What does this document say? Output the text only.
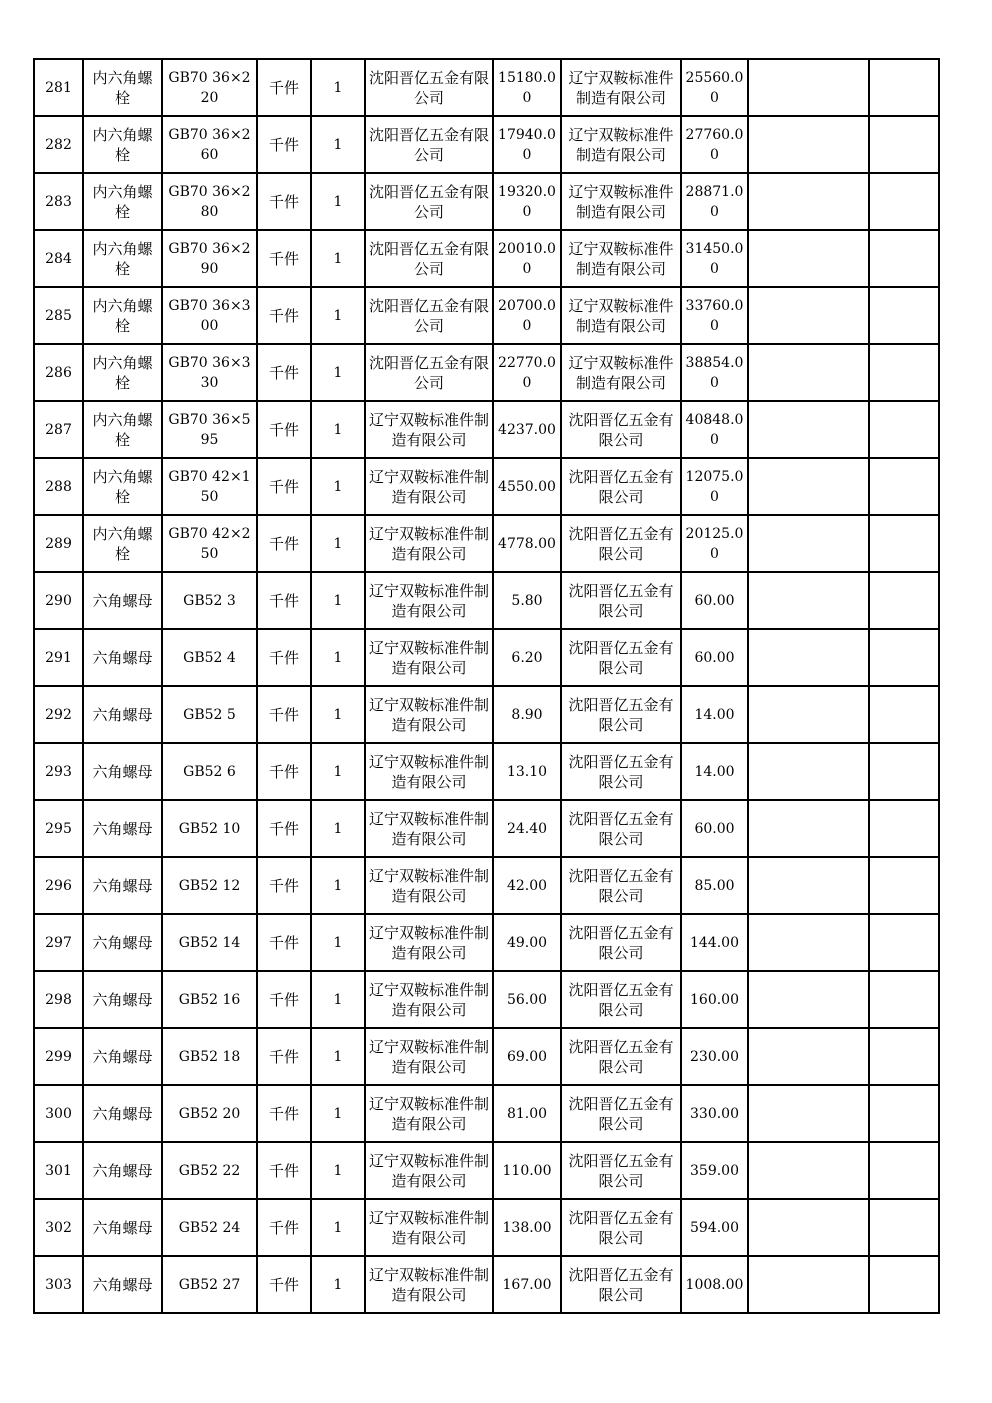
281	内六角螺栓	GB70 36×220	千件	1	沈阳晋亿五金有限公司	15180.00	辽宁双鞍标准件制造有限公司	25560.00		

282	内六角螺栓	GB70 36×260	千件	1	沈阳晋亿五金有限公司	17940.00	辽宁双鞍标准件制造有限公司	27760.00		

283	内六角螺栓	GB70 36×280	千件	1	沈阳晋亿五金有限公司	19320.00	辽宁双鞍标准件制造有限公司	28871.00		

284	内六角螺栓	GB70 36×290	千件	1	沈阳晋亿五金有限公司	20010.00	辽宁双鞍标准件制造有限公司	31450.00		

285	内六角螺栓	GB70 36×300	千件	1	沈阳晋亿五金有限公司	20700.00	辽宁双鞍标准件制造有限公司	33760.00		

286	内六角螺栓	GB70 36×330	千件	1	沈阳晋亿五金有限公司	22770.00	辽宁双鞍标准件制造有限公司	38854.00		

287	内六角螺栓	GB70 36×595	千件	1	辽宁双鞍标准件制造有限公司	4237.00	沈阳晋亿五金有限公司	40848.00		

288	内六角螺栓	GB70 42×150	千件	1	辽宁双鞍标准件制造有限公司	4550.00	沈阳晋亿五金有限公司	12075.00		

289	内六角螺栓	GB70 42×250	千件	1	辽宁双鞍标准件制造有限公司	4778.00	沈阳晋亿五金有限公司	20125.00		

290	六角螺母	GB52 3	千件	1	辽宁双鞍标准件制造有限公司	5.80	沈阳晋亿五金有限公司	60.00		

291	六角螺母	GB52 4	千件	1	辽宁双鞍标准件制造有限公司	6.20	沈阳晋亿五金有限公司	60.00		

292	六角螺母	GB52 5	千件	1	辽宁双鞍标准件制造有限公司	8.90	沈阳晋亿五金有限公司	14.00		

293	六角螺母	GB52 6	千件	1	辽宁双鞍标准件制造有限公司	13.10	沈阳晋亿五金有限公司	14.00		

295	六角螺母	GB52 10	千件	1	辽宁双鞍标准件制造有限公司	24.40	沈阳晋亿五金有限公司	60.00		

296	六角螺母	GB52 12	千件	1	辽宁双鞍标准件制造有限公司	42.00	沈阳晋亿五金有限公司	85.00		

297	六角螺母	GB52 14	千件	1	辽宁双鞍标准件制造有限公司	49.00	沈阳晋亿五金有限公司	144.00		

298	六角螺母	GB52 16	千件	1	辽宁双鞍标准件制造有限公司	56.00	沈阳晋亿五金有限公司	160.00		

299	六角螺母	GB52 18	千件	1	辽宁双鞍标准件制造有限公司	69.00	沈阳晋亿五金有限公司	230.00		

300	六角螺母	GB52 20	千件	1	辽宁双鞍标准件制造有限公司	81.00	沈阳晋亿五金有限公司	330.00		

301	六角螺母	GB52 22	千件	1	辽宁双鞍标准件制造有限公司	110.00	沈阳晋亿五金有限公司	359.00		

302	六角螺母	GB52 24	千件	1	辽宁双鞍标准件制造有限公司	138.00	沈阳晋亿五金有限公司	594.00		

303	六角螺母	GB52 27	千件	1	辽宁双鞍标准件制造有限公司	167.00	沈阳晋亿五金有限公司	1008.00		
